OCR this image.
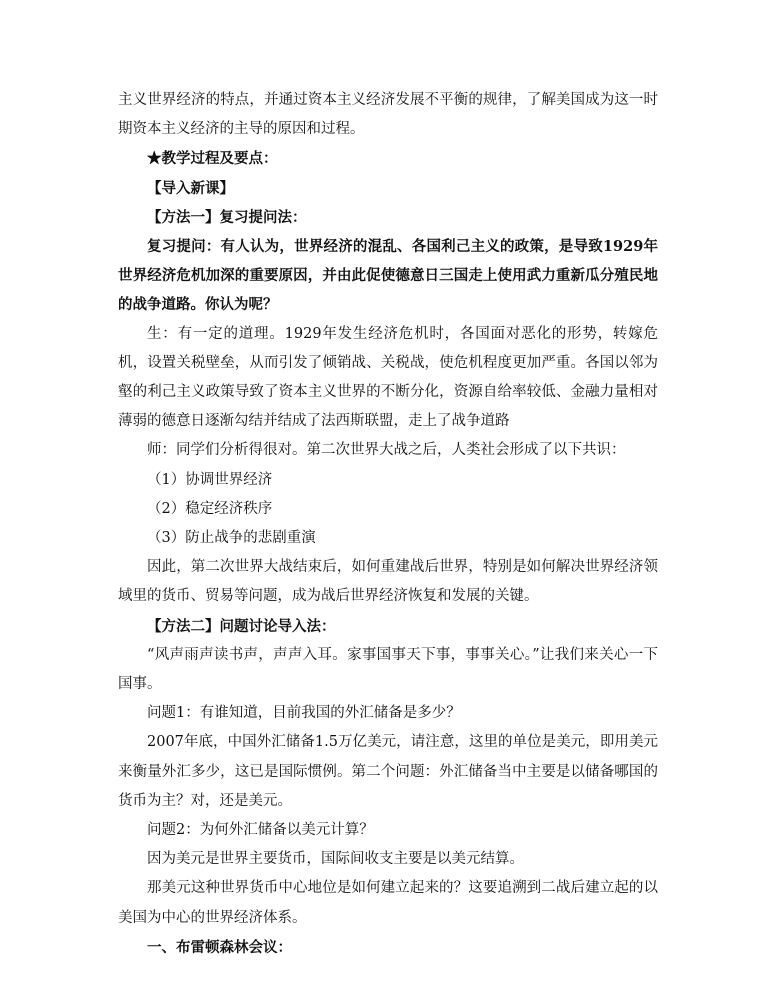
主义世界经济的特点，并通过资本主义经济发展不平衡的规律，了解美国成为这一时期资本主义经济的主导的原因和过程。

★教学过程及要点：

【导入新课】

【方法一】复习提问法：

复习提问：有人认为，世界经济的混乱、各国利己主义的政策，是导致1929年世界经济危机加深的重要原因，并由此促使德意日三国走上使用武力重新瓜分殖民地的战争道路。你认为呢？

生：有一定的道理。1929年发生经济危机时，各国面对恶化的形势，转嫁危机，设置关税壁垒，从而引发了倾销战、关税战，使危机程度更加严重。各国以邻为壑的利己主义政策导致了资本主义世界的不断分化，资源自给率较低、金融力量相对薄弱的德意日逐渐勾结并结成了法西斯联盟，走上了战争道路

师：同学们分析得很对。第二次世界大战之后，人类社会形成了以下共识：

（1）协调世界经济

（2）稳定经济秩序

（3）防止战争的悲剧重演

因此，第二次世界大战结束后，如何重建战后世界，特别是如何解决世界经济领域里的货币、贸易等问题，成为战后世界经济恢复和发展的关键。

【方法二】问题讨论导入法：

“风声雨声读书声，声声入耳。家事国事天下事，事事关心。”让我们来关心一下国事。

问题1：有谁知道，目前我国的外汇储备是多少？

2007年底，中国外汇储备1.5万亿美元，请注意，这里的单位是美元，即用美元来衡量外汇多少，这已是国际惯例。第二个问题：外汇储备当中主要是以储备哪国的货币为主？对，还是美元。

问题2：为何外汇储备以美元计算？

因为美元是世界主要货币，国际间收支主要是以美元结算。

那美元这种世界货币中心地位是如何建立起来的？这要追溯到二战后建立起的以美国为中心的世界经济体系。

一、布雷顿森林会议：
